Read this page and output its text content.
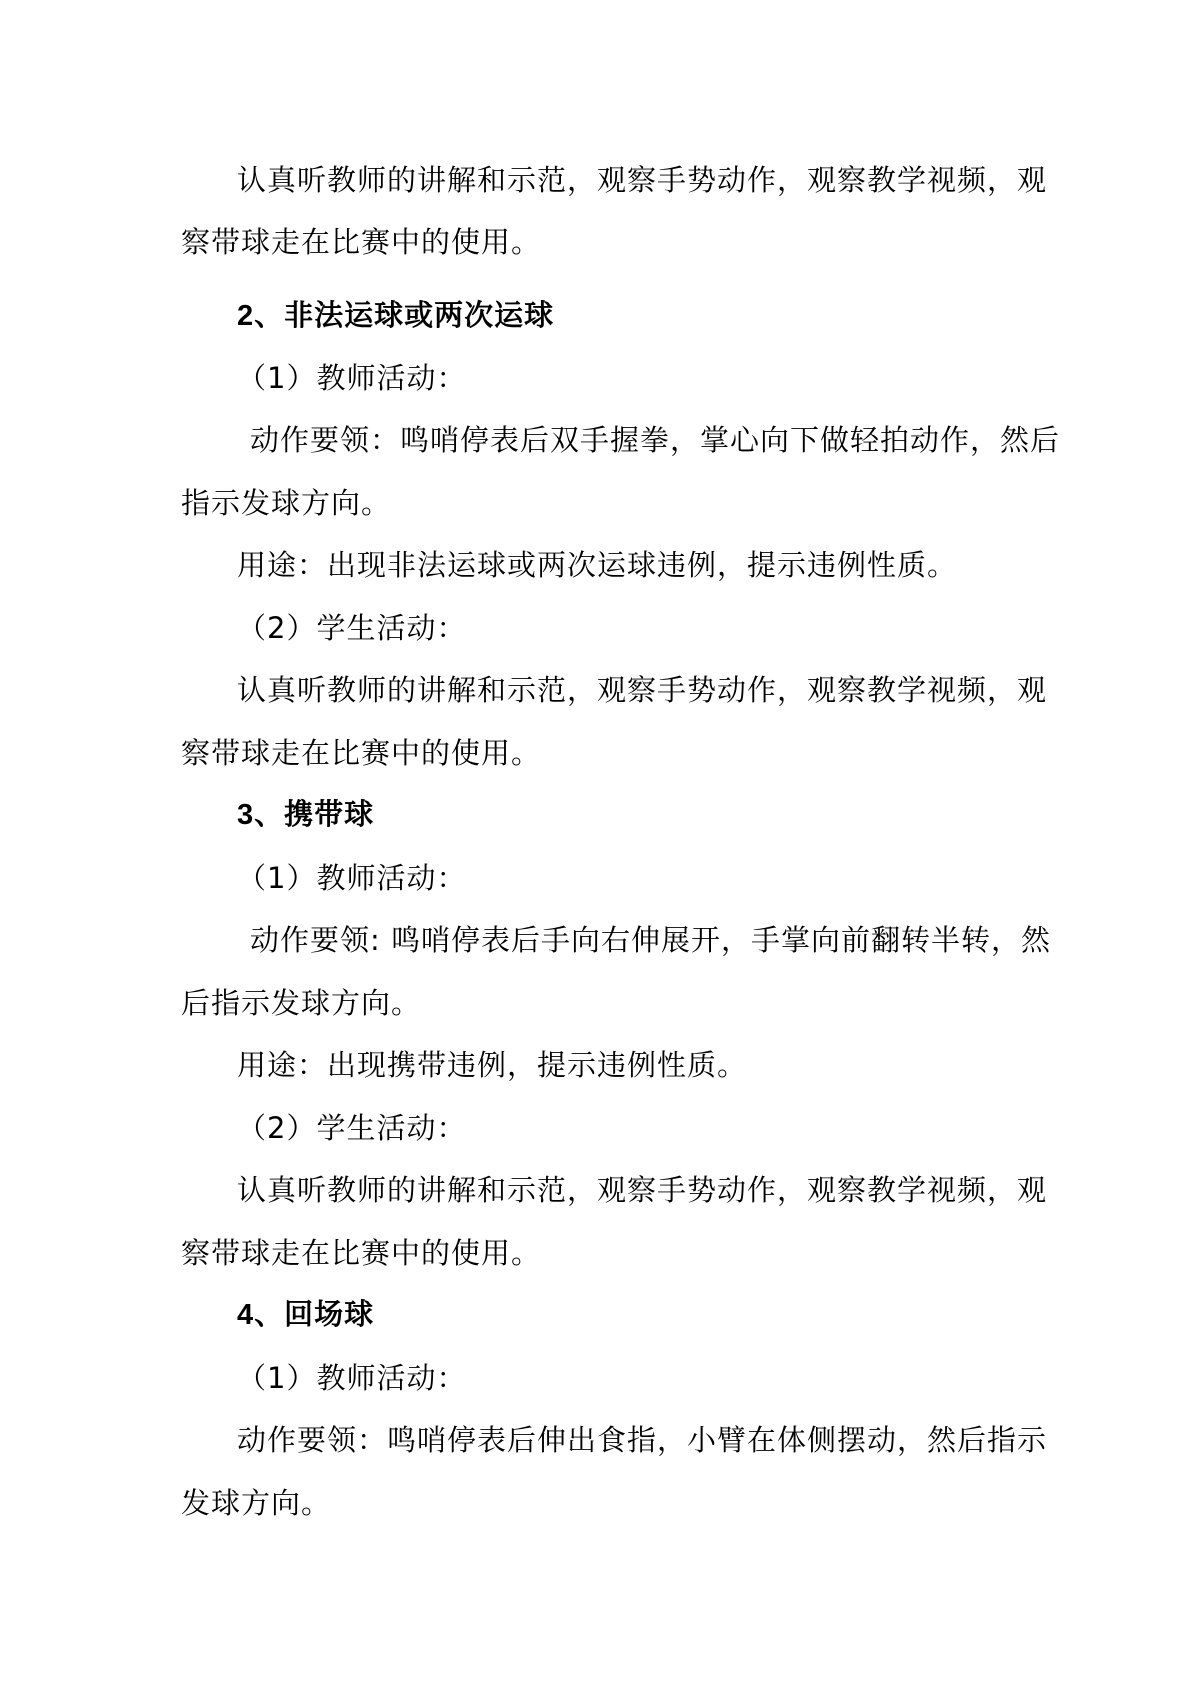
认真听教师的讲解和示范，观察手势动作，观察教学视频，观
察带球走在比赛中的使用。
2、非法运球或两次运球
（1）教师活动：
动作要领：鸣哨停表后双手握拳，掌心向下做轻拍动作，然后
指示发球方向。
用途：出现非法运球或两次运球违例，提示违例性质。
（2）学生活动：
认真听教师的讲解和示范，观察手势动作，观察教学视频，观
察带球走在比赛中的使用。
3、携带球
（1）教师活动：
动作要领: 鸣哨停表后手向右伸展开，手掌向前翻转半转，然
后指示发球方向。
用途：出现携带违例，提示违例性质。
（2）学生活动：
认真听教师的讲解和示范，观察手势动作，观察教学视频，观
察带球走在比赛中的使用。
4、回场球
（1）教师活动：
动作要领：鸣哨停表后伸出食指，小臂在体侧摆动，然后指示
发球方向。
